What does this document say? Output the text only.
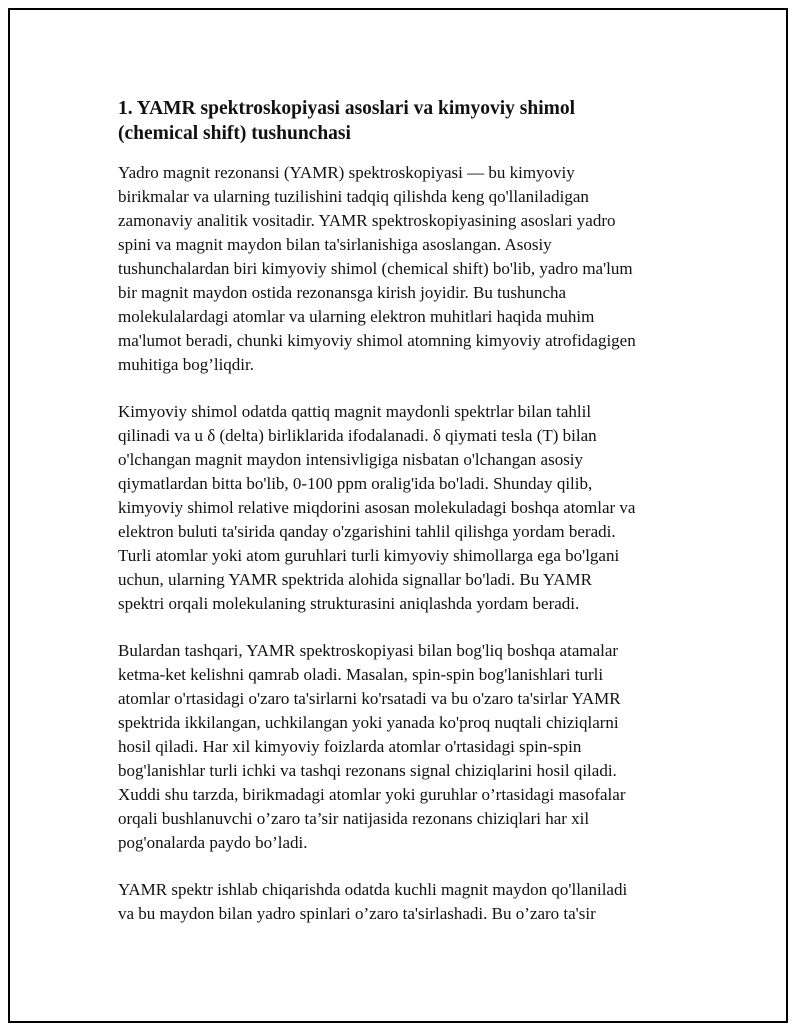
1. YAMR spektroskopiyasi asoslari va kimyoviy shimol
(chemical shift) tushunchasi

Yadro magnit rezonansi (YAMR) spektroskopiyasi — bu kimyoviy
birikmalar va ularning tuzilishini tadqiq qilishda keng qo'llaniladigan
zamonaviy analitik vositadir. YAMR spektroskopiyasining asoslari yadro
spini va magnit maydon bilan ta'sirlanishiga asoslangan. Asosiy
tushunchalardan biri kimyoviy shimol (chemical shift) bo'lib, yadro ma'lum
bir magnit maydon ostida rezonansga kirish joyidir. Bu tushuncha
molekulalardagi atomlar va ularning elektron muhitlari haqida muhim
ma'lumot beradi, chunki kimyoviy shimol atomning kimyoviy atrofidagigen
muhitiga bog’liqdir.

Kimyoviy shimol odatda qattiq magnit maydonli spektrlar bilan tahlil
qilinadi va u δ (delta) birliklarida ifodalanadi. δ qiymati tesla (T) bilan
o'lchangan magnit maydon intensivligiga nisbatan o'lchangan asosiy
qiymatlardan bitta bo'lib, 0-100 ppm oralig'ida bo'ladi. Shunday qilib,
kimyoviy shimol relative miqdorini asosan molekuladagi boshqa atomlar va
elektron buluti ta'sirida qanday o'zgarishini tahlil qilishga yordam beradi.
Turli atomlar yoki atom guruhlari turli kimyoviy shimollarga ega bo'lgani
uchun, ularning YAMR spektrida alohida signallar bo'ladi. Bu YAMR
spektri orqali molekulaning strukturasini aniqlashda yordam beradi.

Bulardan tashqari, YAMR spektroskopiyasi bilan bog'liq boshqa atamalar
ketma-ket kelishni qamrab oladi. Masalan, spin-spin bog'lanishlari turli
atomlar o'rtasidagi o'zaro ta'sirlarni ko'rsatadi va bu o'zaro ta'sirlar YAMR
spektrida ikkilangan, uchkilangan yoki yanada ko'proq nuqtali chiziqlarni
hosil qiladi. Har xil kimyoviy foizlarda atomlar o'rtasidagi spin-spin
bog'lanishlar turli ichki va tashqi rezonans signal chiziqlarini hosil qiladi.
Xuddi shu tarzda, birikmadagi atomlar yoki guruhlar o’rtasidagi masofalar
orqali bushlanuvchi o’zaro ta’sir natijasida rezonans chiziqlari har xil
pog'onalarda paydo bo’ladi.

YAMR spektr ishlab chiqarishda odatda kuchli magnit maydon qo'llaniladi
va bu maydon bilan yadro spinlari o’zaro ta'sirlashadi. Bu o’zaro ta'sir
